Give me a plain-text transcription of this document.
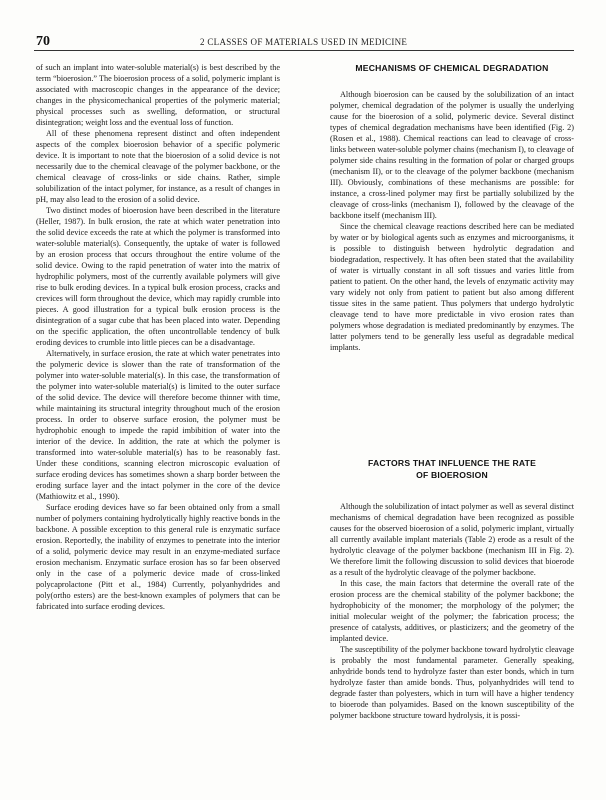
70	2 CLASSES OF MATERIALS USED IN MEDICINE

of such an implant into water-soluble material(s) is best described by the term “bioerosion.” The bioerosion process of a solid, polymeric implant is associated with macroscopic changes in the appearance of the device; changes in the physicomechanical properties of the polymeric material; physical processes such as swelling, deformation, or structural disintegration; weight loss and the eventual loss of function.

All of these phenomena represent distinct and often independent aspects of the complex bioerosion behavior of a specific polymeric device. It is important to note that the bioerosion of a solid device is not necessarily due to the chemical cleavage of the polymer backbone, or the chemical cleavage of cross-links or side chains. Rather, simple solubilization of the intact polymer, for instance, as a result of changes in pH, may also lead to the erosion of a solid device.

Two distinct modes of bioerosion have been described in the literature (Heller, 1987). In bulk erosion, the rate at which water penetration into the solid device exceeds the rate at which the polymer is transformed into water-soluble material(s). Consequently, the uptake of water is followed by an erosion process that occurs throughout the entire volume of the solid device. Owing to the rapid penetration of water into the matrix of hydrophilic polymers, most of the currently available polymers will give rise to bulk eroding devices. In a typical bulk erosion process, cracks and crevices will form throughout the device, which may rapidly crumble into pieces. A good illustration for a typical bulk erosion process is the disintegration of a sugar cube that has been placed into water. Depending on the specific application, the often uncontrollable tendency of bulk eroding devices to crumble into little pieces can be a disadvantage.

Alternatively, in surface erosion, the rate at which water penetrates into the polymeric device is slower than the rate of transformation of the polymer into water-soluble material(s). In this case, the transformation of the polymer into water-soluble material(s) is limited to the outer surface of the solid device. The device will therefore become thinner with time, while maintaining its structural integrity throughout much of the erosion process. In order to observe surface erosion, the polymer must be hydrophobic enough to impede the rapid imbibition of water into the interior of the device. In addition, the rate at which the polymer is transformed into water-soluble material(s) has to be reasonably fast. Under these conditions, scanning electron microscopic evaluation of surface eroding devices has sometimes shown a sharp border between the eroding surface layer and the intact polymer in the core of the device (Mathiowitz et al., 1990).

Surface eroding devices have so far been obtained only from a small number of polymers containing hydrolytically highly reactive bonds in the backbone. A possible exception to this general rule is enzymatic surface erosion. Reportedly, the inability of enzymes to penetrate into the interior of a solid, polymeric device may result in an enzyme-mediated surface erosion mechanism. Enzymatic surface erosion has so far been observed only in the case of a polymeric device made of cross-linked polycaprolactone (Pitt et al., 1984) Currently, polyanhydrides and poly(ortho esters) are the best-known examples of polymers that can be fabricated into surface eroding devices.

MECHANISMS OF CHEMICAL DEGRADATION

Although bioerosion can be caused by the solubilization of an intact polymer, chemical degradation of the polymer is usually the underlying cause for the bioerosion of a solid, polymeric device. Several distinct types of chemical degradation mechanisms have been identified (Fig. 2) (Rosen et al., 1988). Chemical reactions can lead to cleavage of cross-links between water-soluble polymer chains (mechanism I), to cleavage of polymer side chains resulting in the formation of polar or charged groups (mechanism II), or to the cleavage of the polymer backbone (mechanism III). Obviously, combinations of these mechanisms are possible: for instance, a cross-lined polymer may first be partially solubilized by the cleavage of cross-links (mechanism I), followed by the cleavage of the backbone itself (mechanism III).

Since the chemical cleavage reactions described here can be mediated by water or by biological agents such as enzymes and microorganisms, it is possible to distinguish between hydrolytic degradation and biodegradation, respectively. It has often been stated that the availability of water is virtually constant in all soft tissues and varies little from patient to patient. On the other hand, the levels of enzymatic activity may vary widely not only from patient to patient but also among different tissue sites in the same patient. Thus polymers that undergo hydrolytic cleavage tend to have more predictable in vivo erosion rates than polymers whose degradation is mediated predominantly by enzymes. The latter polymers tend to be generally less useful as degradable medical implants.

FACTORS THAT INFLUENCE THE RATE
OF BIOEROSION

Although the solubilization of intact polymer as well as several distinct mechanisms of chemical degradation have been recognized as possible causes for the observed bioerosion of a solid, polymeric implant, virtually all currently available implant materials (Table 2) erode as a result of the hydrolytic cleavage of the polymer backbone (mechanism III in Fig. 2). We therefore limit the following discussion to solid devices that bioerode as a result of the hydrolytic cleavage of the polymer backbone.

In this case, the main factors that determine the overall rate of the erosion process are the chemical stability of the polymer backbone; the hydrophobicity of the monomer; the morphology of the polymer; the initial molecular weight of the polymer; the fabrication process; the presence of catalysts, additives, or plasticizers; and the geometry of the implanted device.

The susceptibility of the polymer backbone toward hydrolytic cleavage is probably the most fundamental parameter. Generally speaking, anhydride bonds tend to hydrolyze faster than ester bonds, which in turn hydrolyze faster than amide bonds. Thus, polyanhydrides will tend to degrade faster than polyesters, which in turn will have a higher tendency to bioerode than polyamides. Based on the known susceptibility of the polymer backbone structure toward hydrolysis, it is possi-
